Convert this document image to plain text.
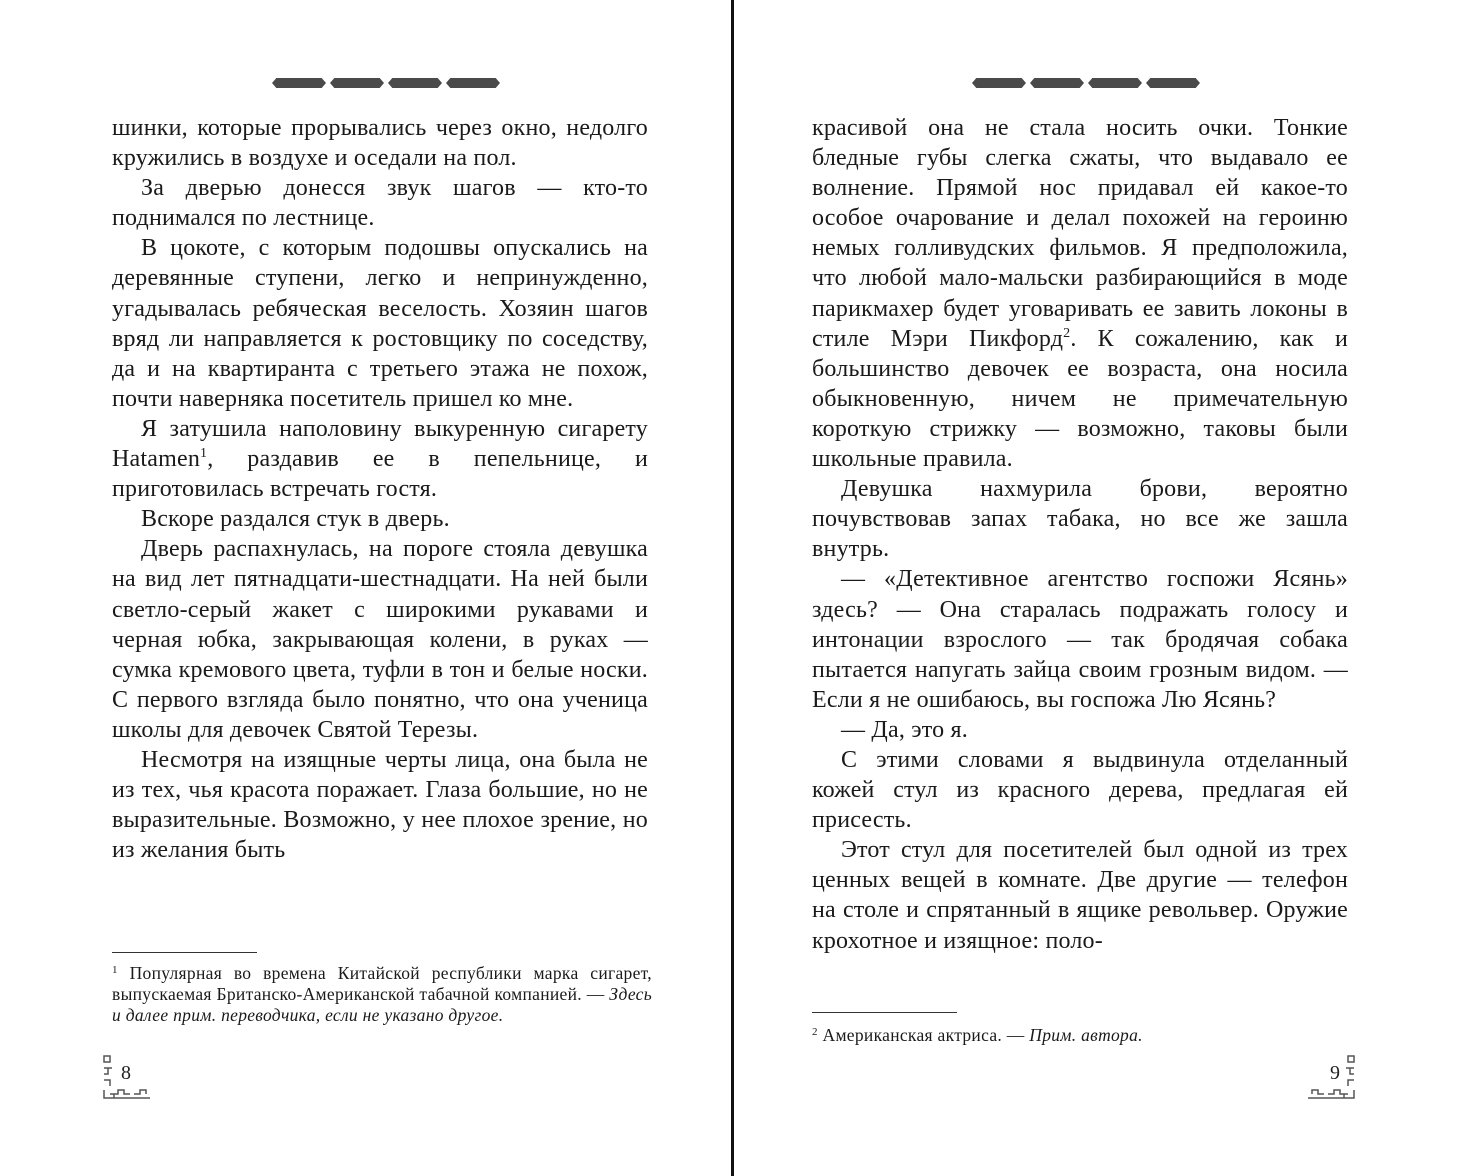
шинки, которые прорывались через окно, недолго кружились в воздухе и оседали на пол.

За дверью донесся звук шагов — кто-то поднимался по лестнице.

В цокоте, с которым подошвы опускались на деревянные ступени, легко и непринужденно, угадывалась ребяческая веселость. Хозяин шагов вряд ли направляется к ростовщику по соседству, да и на квартиранта с третьего этажа не похож, почти наверняка посетитель пришел ко мне.

Я затушила наполовину выкуренную сигарету Hatamen$^1$, раздавив ее в пепельнице, и приготовилась встречать гостя.

Вскоре раздался стук в дверь.

Дверь распахнулась, на пороге стояла девушка на вид лет пятнадцати-шестнадцати. На ней были светло-серый жакет с широкими рукавами и черная юбка, закрывающая колени, в руках — сумка кремового цвета, туфли в тон и белые носки. С первого взгляда было понятно, что она ученица школы для девочек Святой Терезы.

Несмотря на изящные черты лица, она была не из тех, чья красота поражает. Глаза большие, но не выразительные. Возможно, у нее плохое зрение, но из желания быть

$^1$ Популярная во времена Китайской республики марка сигарет, выпускаемая Британско-Американской табачной компанией. — Здесь и далее прим. переводчика, если не указано другое.
8

красивой она не стала носить очки. Тонкие бледные губы слегка сжаты, что выдавало ее волнение. Прямой нос придавал ей какое-то особое очарование и делал похожей на героиню немых голливудских фильмов. Я предположила, что любой мало-мальски разбирающийся в моде парикмахер будет уговаривать ее завить локоны в стиле Мэри Пикфорд$^2$. К сожалению, как и большинство девочек ее возраста, она носила обыкновенную, ничем не примечательную короткую стрижку — возможно, таковы были школьные правила.

Девушка нахмурила брови, вероятно почувствовав запах табака, но все же зашла внутрь.

— «Детективное агентство госпожи Ясянь» здесь? — Она старалась подражать голосу и интонации взрослого — так бродячая собака пытается напугать зайца своим грозным видом. — Если я не ошибаюсь, вы госпожа Лю Ясянь?

— Да, это я.

С этими словами я выдвинула отделанный кожей стул из красного дерева, предлагая ей присесть.

Этот стул для посетителей был одной из трех ценных вещей в комнате. Две другие — телефон на столе и спрятанный в ящике револьвер. Оружие крохотное и изящное: поло-

$^2$ Американская актриса. — Прим. автора.
9
